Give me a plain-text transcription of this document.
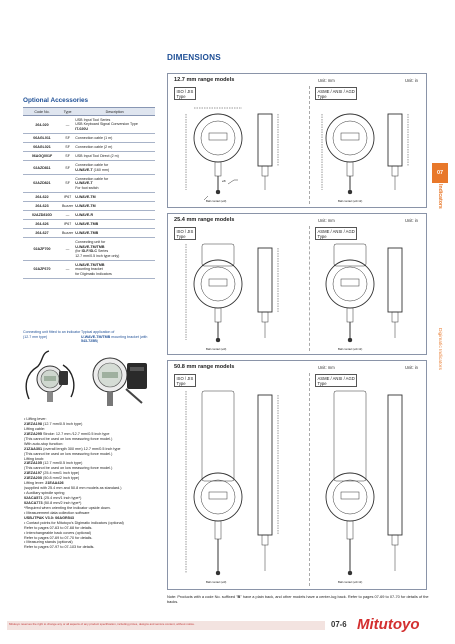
DIMENSIONS
Optional Accessories
Code No.	Type	Description
264-020	—	USB Input Tool Series
USB Keyboard Signal Conversion Type
IT-020U
06AGL011	SF	Connection cable (1 m)

06AGL021	SF	Connection cable (2 m)

06AGQ001F	SF	USB Input Tool Direct (2 m)

02AZD811	SF	Connection cable for
U-WAVE-T (160 mm)
02AZD821	SF	Connection cable for
U-WAVE-T
For foot switch
264-622	IP67	U-WAVE-TM
264-623	Buzzer	U-WAVE-TM
02AZD810D	—	U-WAVE-R
264-626	IP67	U-WAVE-TMB
264-627	Buzzer	U-WAVE-TMB
02AZF700	—	Connecting unit for
U-WAVE-TM/TMB
(for ID-F/ID-C Series
12.7 mm/0.5 inch type only)
02AZF670	—	U-WAVE-TM/TMB
mounting bracket
for Digimatic Indicators
Connecting unit fitted to an indicator (12.7 mm type)
Typical application of
U-WAVE-TM/TMB mounting bracket (with 543-725B)
• Lifting lever:
21EZA198 (12.7 mm/0.5 inch type)
Lifting cable:
21EZA295 Stroke: 12.7 mm /12.7 mm/0.5 inch type
(This cannot be used on low measuring force model.)
With auto-stop function:
21ZAA301 (overall length 300 mm) 12.7 mm/0.5 inch type
(This cannot be used on low measuring force model.)
Lifting knob:
21EZA105 (12.7 mm/0.5 inch type)
(This cannot be used on low measuring force model.)
21EZA197 (25.4 mm/1 inch type)
21EZA200 (50.8 mm/2 inch type)
Lifting lever: 21EAA426
(supplied with 25.4 mm and 50.8 mm models as standard.)
• Auxiliary spindle spring
02ACA571 (25.4 mm/1 inch type*)
02ACA773 (50.8 mm/2 inch type*)
*Required when orienting the indicator upside down.
• Measurement data collection software
USB-ITPAK V3.0: 06AGR543
• Contact points for Mitutoyo's Digimatic indicators (optional)
Refer to pages 07-63 to 07-68 for details.
• Interchangeable back covers (optional)
Refer to pages 07-69 to 07-70 for details.
• Measuring stands (optional)
Refer to pages 07-97 to 07-103 for details.
12.7 mm range models	Unit: mm	Unit: in
ISO / JIS
Type
ASME / ANSI / AGD
Type
ø8
Ball contact (ø3)	Ball contact (ø0.12)
25.4 mm range models	Unit: mm	Unit: in
ISO / JIS
Type
ASME / ANSI / AGD
Type
Ball contact (ø3)	Ball contact (ø0.12)
50.8 mm range models	Unit: mm	Unit: in
ISO / JIS
Type
ASME / ANSI / AGD
Type
Ball contact (ø3)	Ball contact (ø0.12)
07
Indicators
Digimatic Indicators
Note: Products with a code No. suffixed "B" have a plain back, and other models have a center-lug back. Refer to pages 07-69 to 07-70 for details of the backs.
Mitutoyo reserves the right to change any or all aspects of any product specification, including prices, designs and service content, without notice.	07-6 Mitutoyo
